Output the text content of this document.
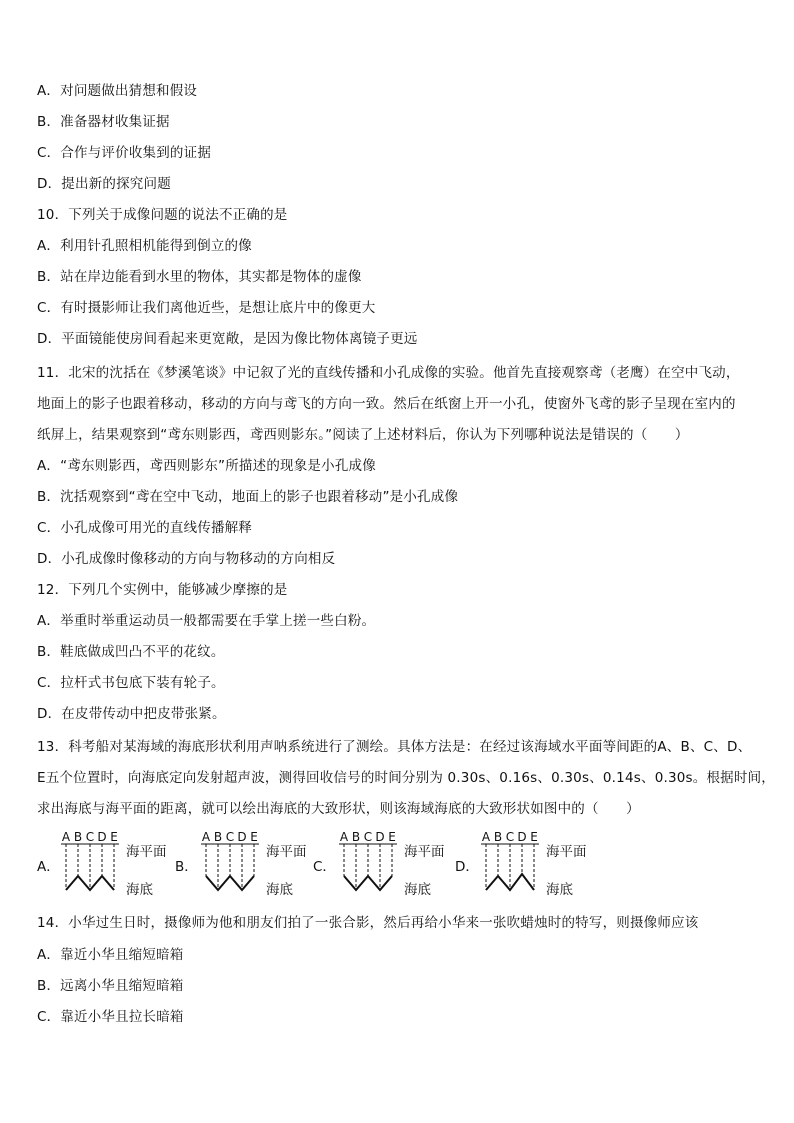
A．对问题做出猜想和假设
B．准备器材收集证据
C．合作与评价收集到的证据
D．提出新的探究问题
10．下列关于成像问题的说法不正确的是
A．利用针孔照相机能得到倒立的像
B．站在岸边能看到水里的物体，其实都是物体的虚像
C．有时摄影师让我们离他近些，是想让底片中的像更大
D．平面镜能使房间看起来更宽敞，是因为像比物体离镜子更远
11．北宋的沈括在《梦溪笔谈》中记叙了光的直线传播和小孔成像的实验。他首先直接观察鸢（老鹰）在空中飞动，
地面上的影子也跟着移动，移动的方向与鸢飞的方向一致。然后在纸窗上开一小孔，使窗外飞鸢的影子呈现在室内的
纸屏上，结果观察到“鸢东则影西，鸢西则影东。”阅读了上述材料后，你认为下列哪种说法是错误的（　　）
A．“鸢东则影西，鸢西则影东”所描述的现象是小孔成像
B．沈括观察到“鸢在空中飞动，地面上的影子也跟着移动”是小孔成像
C．小孔成像可用光的直线传播解释
D．小孔成像时像移动的方向与物移动的方向相反
12．下列几个实例中，能够减少摩擦的是
A．举重时举重运动员一般都需要在手掌上搓一些白粉。
B．鞋底做成凹凸不平的花纹。
C．拉杆式书包底下装有轮子。
D．在皮带传动中把皮带张紧。
13．科考船对某海域的海底形状利用声呐系统进行了测绘。具体方法是：在经过该海域水平面等间距的A、B、C、D、
E五个位置时，向海底定向发射超声波，测得回收信号的时间分别为 0.30s、0.16s、0.30s、0.14s、0.30s。根据时间，
求出海底与海平面的距离，就可以绘出海底的大致形状，则该海域海底的大致形状如图中的（　　）
A．
A B C D E
海平面
海底
B．
A B C D E
海平面
海底
C．
A B C D E
海平面
海底
D．
A B C D E
海平面
海底
14．小华过生日时，摄像师为他和朋友们拍了一张合影，然后再给小华来一张吹蜡烛时的特写，则摄像师应该
A．靠近小华且缩短暗箱
B．远离小华且缩短暗箱
C．靠近小华且拉长暗箱
